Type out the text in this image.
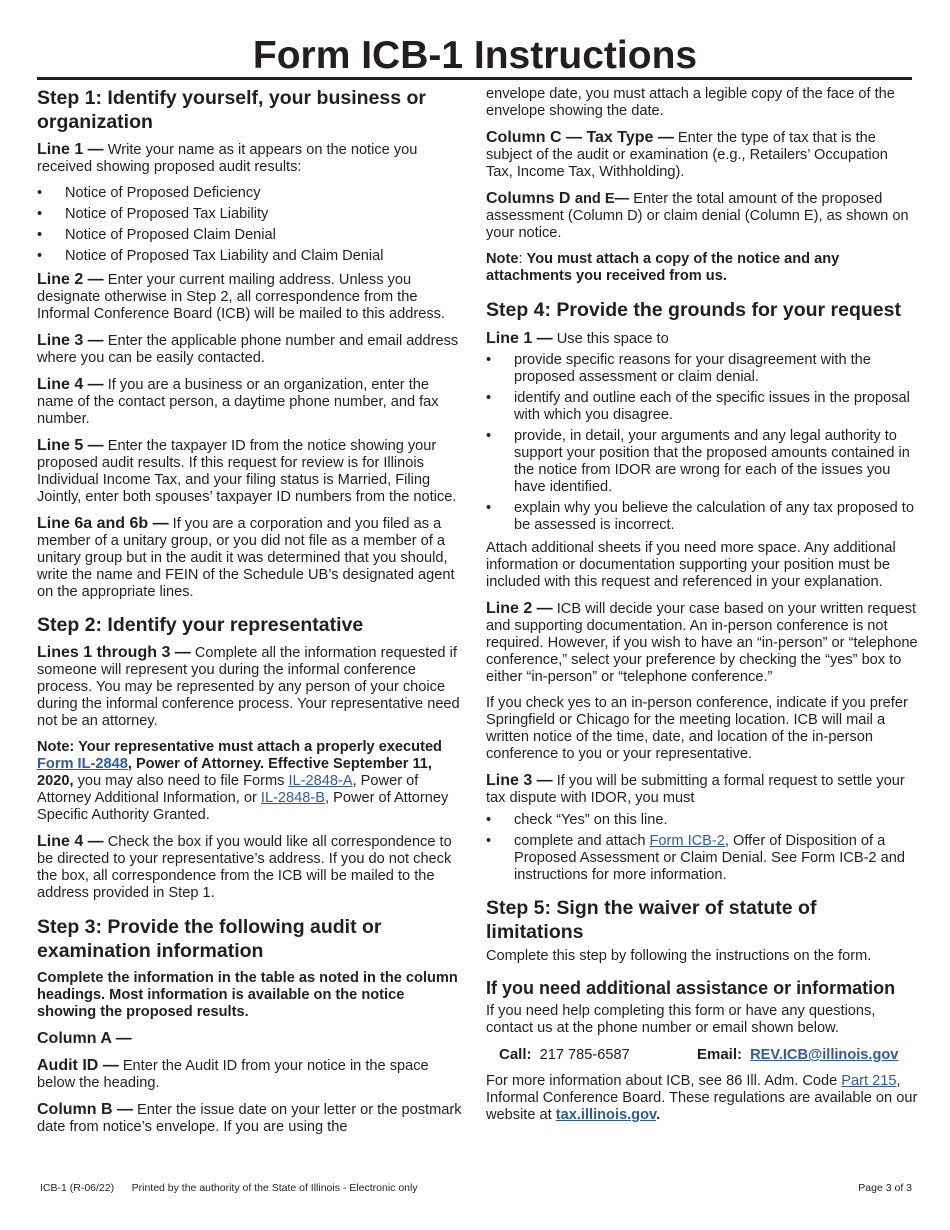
Form ICB-1 Instructions
Step 1: Identify yourself, your business or organization

Line 1 — Write your name as it appears on the notice you received showing proposed audit results:

• Notice of Proposed Deficiency
• Notice of Proposed Tax Liability
• Notice of Proposed Claim Denial
• Notice of Proposed Tax Liability and Claim Denial

Line 2 — Enter your current mailing address. Unless you designate otherwise in Step 2, all correspondence from the Informal Conference Board (ICB) will be mailed to this address.

Line 3 — Enter the applicable phone number and email address where you can be easily contacted.

Line 4 — If you are a business or an organization, enter the name of the contact person, a daytime phone number, and fax number.

Line 5 — Enter the taxpayer ID from the notice showing your proposed audit results. If this request for review is for Illinois Individual Income Tax, and your filing status is Married, Filing Jointly, enter both spouses’ taxpayer ID numbers from the notice.

Line 6a and 6b — If you are a corporation and you filed as a member of a unitary group, or you did not file as a member of a unitary group but in the audit it was determined that you should, write the name and FEIN of the Schedule UB’s designated agent on the appropriate lines.

Step 2: Identify your representative

Lines 1 through 3 — Complete all the information requested if someone will represent you during the informal conference process. You may be represented by any person of your choice during the informal conference process. Your representative need not be an attorney.

Note: Your representative must attach a properly executed Form IL-2848, Power of Attorney. Effective September 11, 2020, you may also need to file Forms IL-2848-A, Power of Attorney Additional Information, or IL-2848-B, Power of Attorney Specific Authority Granted.

Line 4 — Check the box if you would like all correspondence to be directed to your representative’s address. If you do not check the box, all correspondence from the ICB will be mailed to the address provided in Step 1.

Step 3: Provide the following audit or examination information

Complete the information in the table as noted in the column headings. Most information is available on the notice showing the proposed results.

Column A —

Audit ID — Enter the Audit ID from your notice in the space below the heading.

Column B — Enter the issue date on your letter or the postmark date from notice’s envelope. If you are using the

envelope date, you must attach a legible copy of the face of the envelope showing the date.

Column C — Tax Type — Enter the type of tax that is the subject of the audit or examination (e.g., Retailers’ Occupation Tax, Income Tax, Withholding).

Columns D and E— Enter the total amount of the proposed assessment (Column D) or claim denial (Column E), as shown on your notice.

Note: You must attach a copy of the notice and any attachments you received from us.

Step 4: Provide the grounds for your request

Line 1 — Use this space to

• provide specific reasons for your disagreement with the proposed assessment or claim denial.
• identify and outline each of the specific issues in the proposal with which you disagree.
• provide, in detail, your arguments and any legal authority to support your position that the proposed amounts contained in the notice from IDOR are wrong for each of the issues you have identified.
• explain why you believe the calculation of any tax proposed to be assessed is incorrect.

Attach additional sheets if you need more space. Any additional information or documentation supporting your position must be included with this request and referenced in your explanation.

Line 2 — ICB will decide your case based on your written request and supporting documentation. An in-person conference is not required. However, if you wish to have an “in-person” or “telephone conference,” select your preference by checking the “yes” box to either “in-person” or “telephone conference.”

If you check yes to an in-person conference, indicate if you prefer Springfield or Chicago for the meeting location. ICB will mail a written notice of the time, date, and location of the in-person conference to you or your representative.

Line 3 — If you will be submitting a formal request to settle your tax dispute with IDOR, you must

• check “Yes” on this line.
• complete and attach Form ICB-2, Offer of Disposition of a Proposed Assessment or Claim Denial. See Form ICB-2 and instructions for more information.
Step 5: Sign the waiver of statute of limitations

Complete this step by following the instructions on the form.

If you need additional assistance or information

If you need help completing this form or have any questions, contact us at the phone number or email shown below.

Call: 217 785-6587	Email: REV.ICB@illinois.gov

For more information about ICB, see 86 Ill. Adm. Code Part 215, Informal Conference Board. These regulations are available on our website at tax.illinois.gov.

ICB-1 (R-06/22)      Printed by the authority of the State of Illinois - Electronic only	Page 3 of 3
